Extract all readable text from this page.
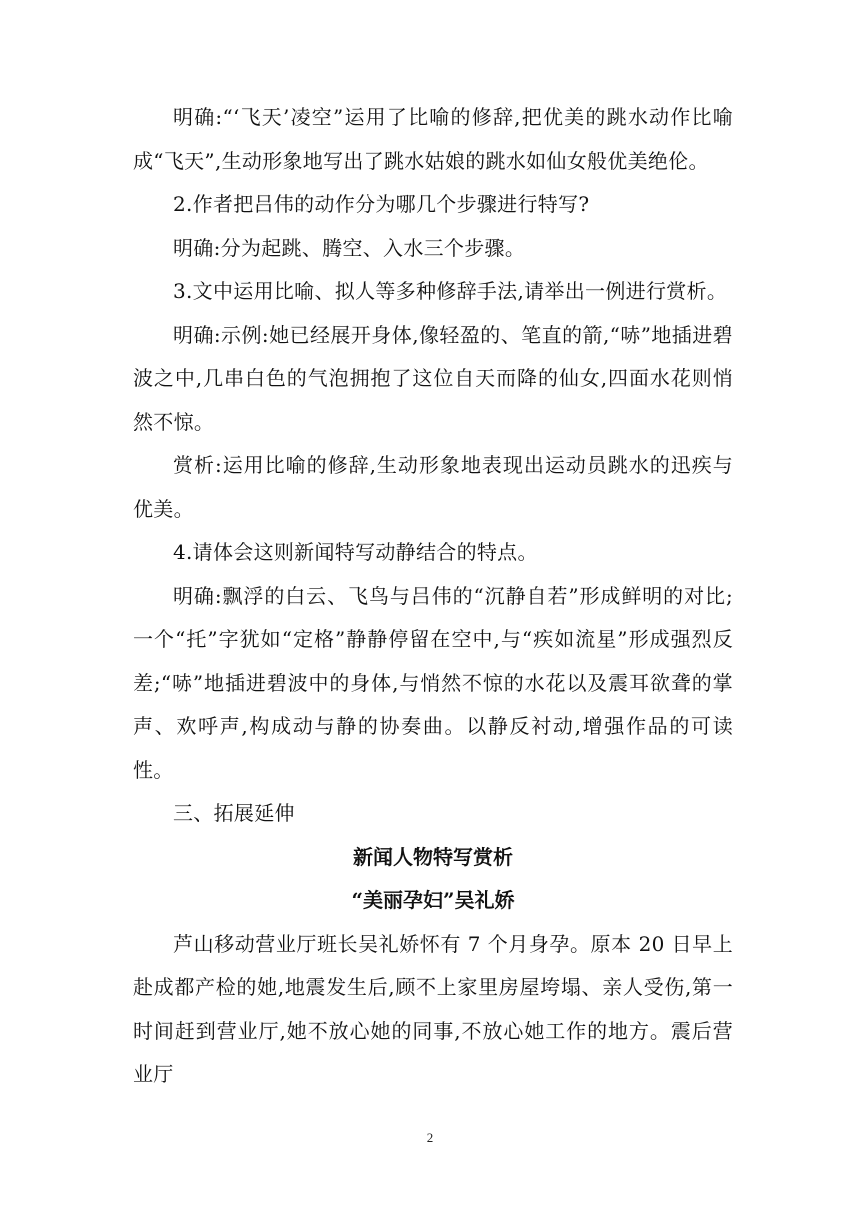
明确:“‘飞天’凌空”运用了比喻的修辞,把优美的跳水动作比喻成“飞天”,生动形象地写出了跳水姑娘的跳水如仙女般优美绝伦。

2.作者把吕伟的动作分为哪几个步骤进行特写?

明确:分为起跳、腾空、入水三个步骤。

3.文中运用比喻、拟人等多种修辞手法,请举出一例进行赏析。

明确:示例:她已经展开身体,像轻盈的、笔直的箭,“哧”地插进碧波之中,几串白色的气泡拥抱了这位自天而降的仙女,四面水花则悄然不惊。

赏析:运用比喻的修辞,生动形象地表现出运动员跳水的迅疾与优美。

4.请体会这则新闻特写动静结合的特点。

明确:飘浮的白云、飞鸟与吕伟的“沉静自若”形成鲜明的对比;一个“托”字犹如“定格”静静停留在空中,与“疾如流星”形成强烈反差;“哧”地插进碧波中的身体,与悄然不惊的水花以及震耳欲聋的掌声、欢呼声,构成动与静的协奏曲。以静反衬动,增强作品的可读性。

三、拓展延伸

新闻人物特写赏析

“美丽孕妇”吴礼娇

芦山移动营业厅班长吴礼娇怀有 7 个月身孕。原本 20 日早上赴成都产检的她,地震发生后,顾不上家里房屋垮塌、亲人受伤,第一时间赶到营业厅,她不放心她的同事,不放心她工作的地方。震后营业厅

2
